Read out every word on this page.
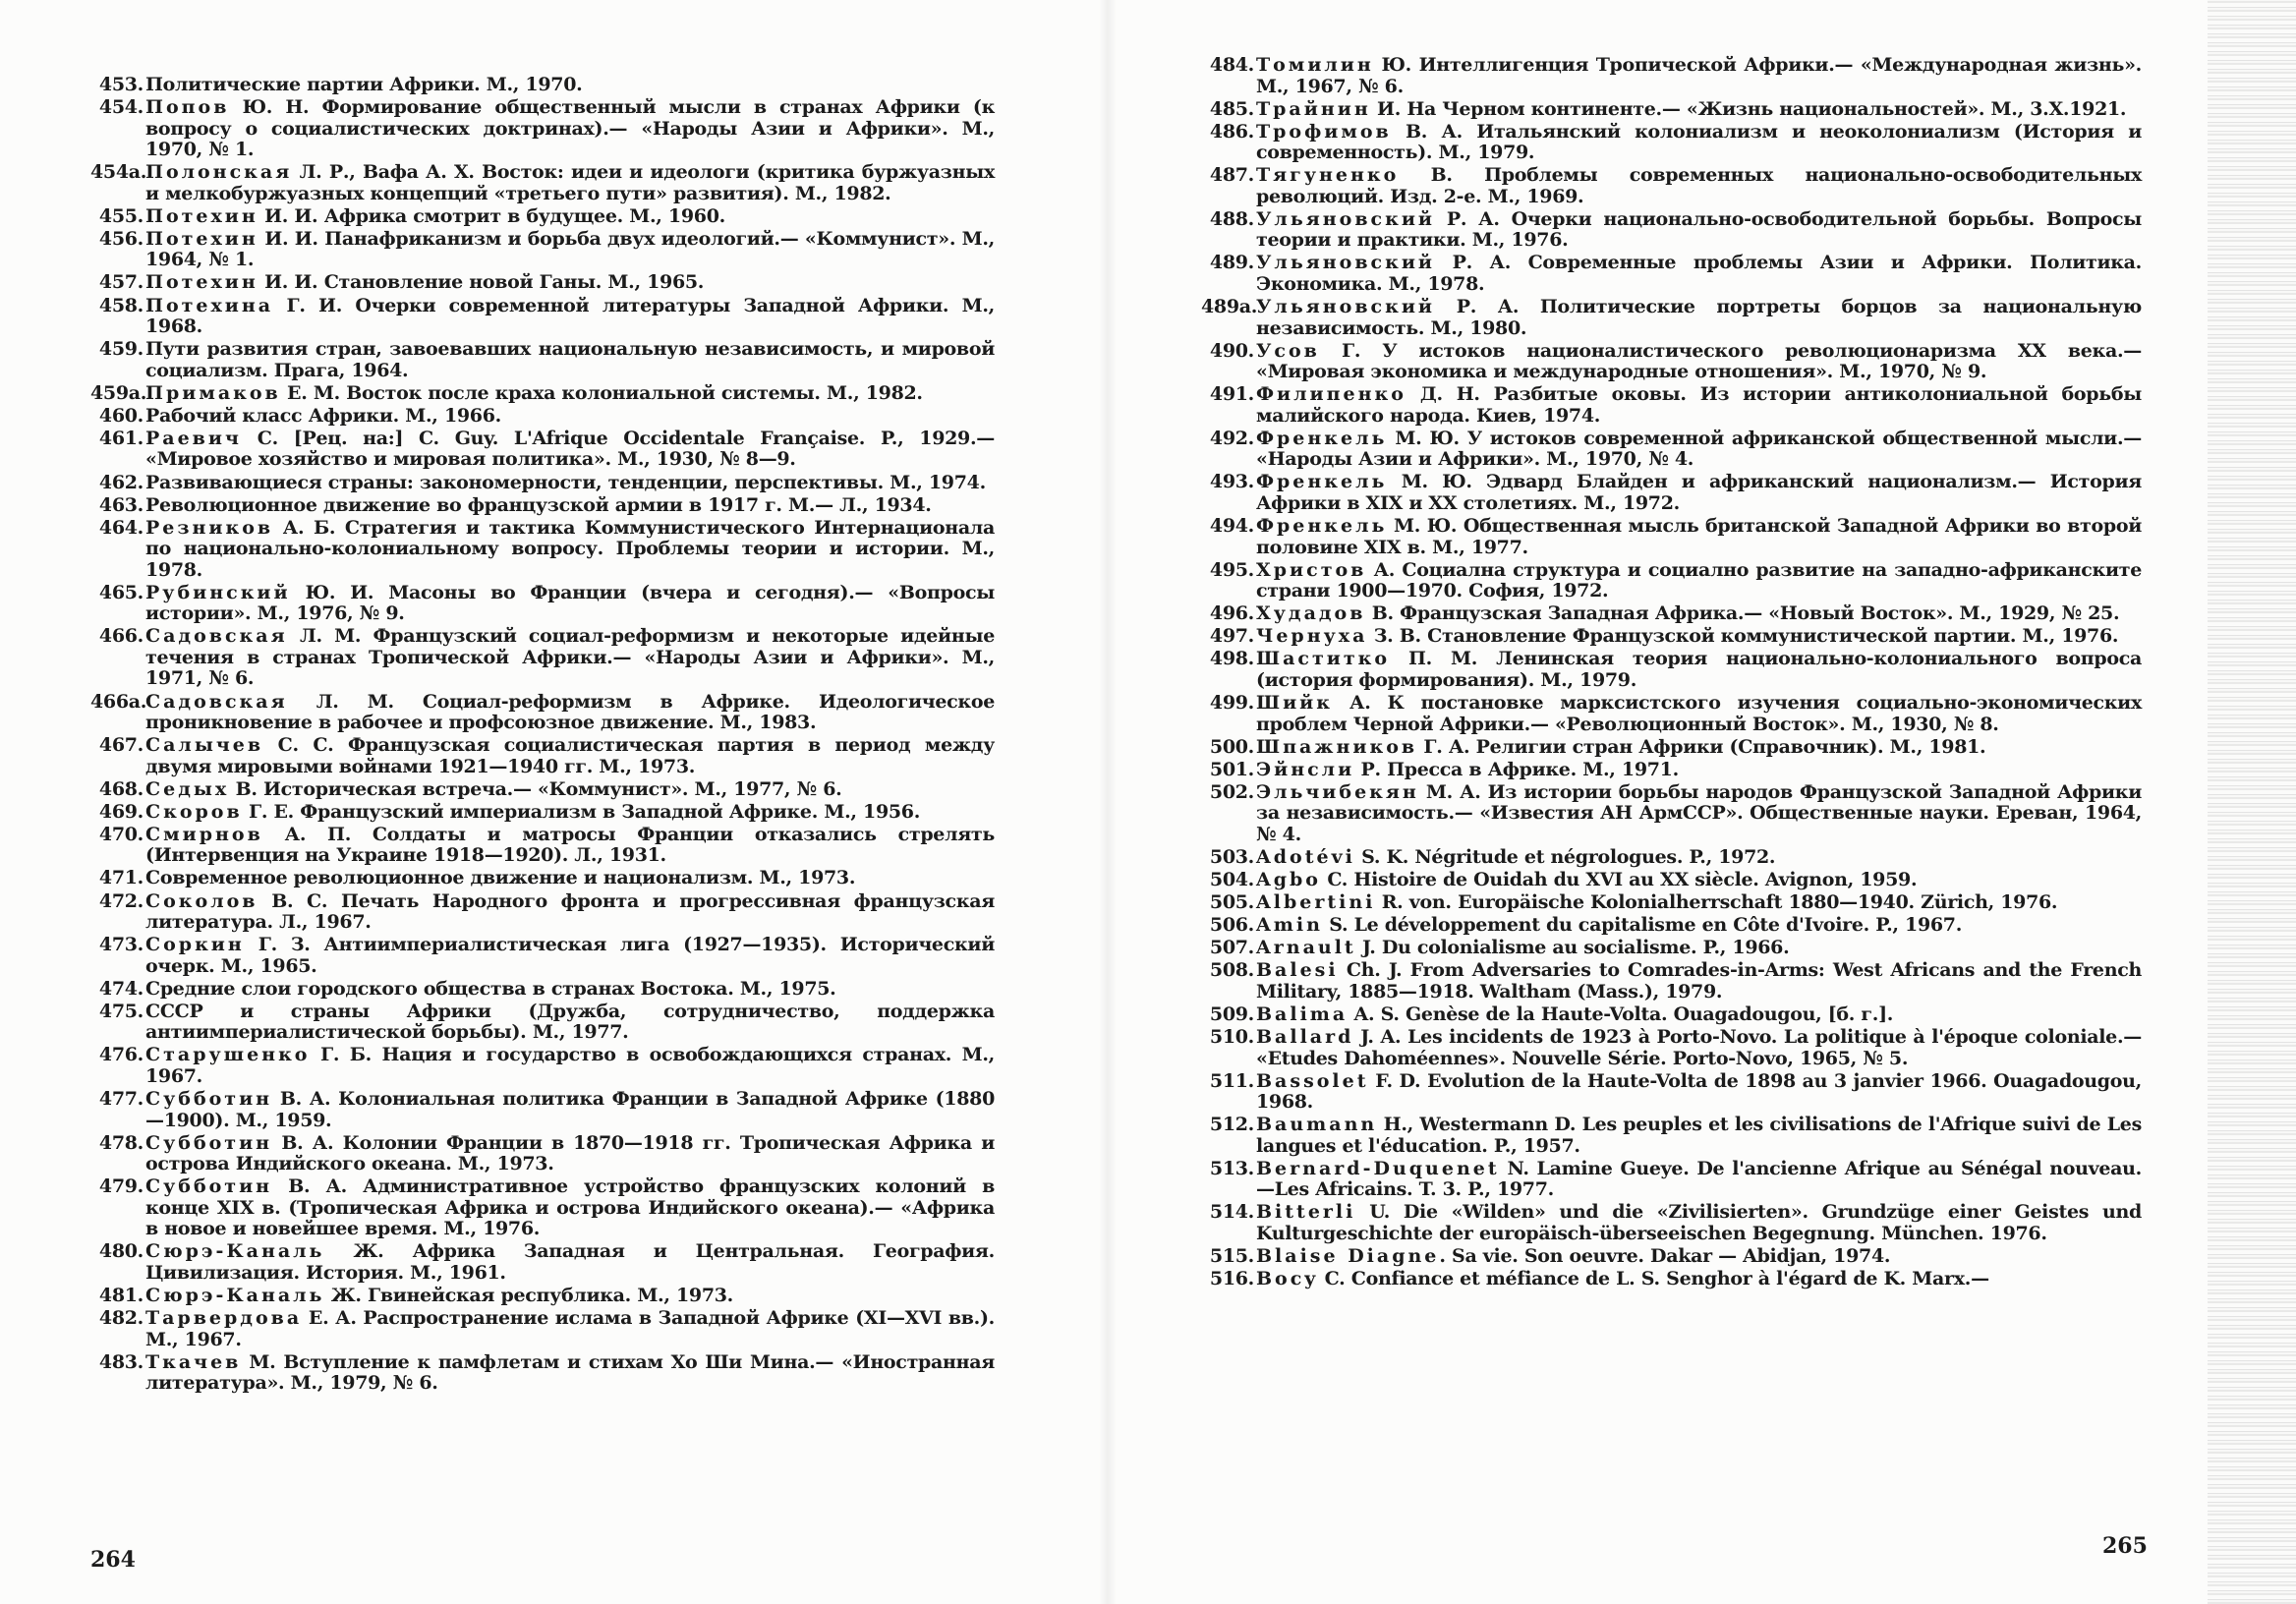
453. Политические партии Африки. М., 1970.
454. Попов Ю. Н. Формирование общественный мысли в странах Африки (к вопросу о социалистических доктринах).— «Народы Азии и Африки». М., 1970, № 1.
454а.
Полонская Л. Р., Вафа А. Х. Восток: идеи и идеологи (критика буржуазных и мелкобуржуазных концепций «третьего пути» развития). М., 1982.
455. Потехин И. И. Африка смотрит в будущее. М., 1960.
456. Потехин И. И. Панафриканизм и борьба двух идеологий.— «Коммунист». М., 1964, № 1.
457. Потехин И. И. Становление новой Ганы. М., 1965.
458. Потехина Г. И. Очерки современной литературы Западной Африки. М., 1968.
459. Пути развития стран, завоевавших национальную независимость, и мировой социализм. Прага, 1964.
459а.
Примаков Е. М. Восток после краха колониальной системы. М., 1982.
460. Рабочий класс Африки. М., 1966.
461. Раевич С. [Рец. на:] C. Guy. L'Afrique Occidentale Française. P., 1929.— «Мировое хозяйство и мировая политика». М., 1930, № 8—9.
462. Развивающиеся страны: закономерности, тенденции, перспективы. М., 1974.
463. Революционное движение во французской армии в 1917 г. М.— Л., 1934.
464. Резников А. Б. Стратегия и тактика Коммунистического Интернационала по национально-колониальному вопросу. Проблемы теории и истории. М., 1978.
465. Рубинский Ю. И. Масоны во Франции (вчера и сегодня).— «Вопросы истории». М., 1976, № 9.
466. Садовская Л. М. Французский социал-реформизм и некоторые идейные течения в странах Тропической Африки.— «Народы Азии и Африки». М., 1971, № 6.
466а.
Садовская Л. М. Социал-реформизм в Африке. Идеологическое проникновение в рабочее и профсоюзное движение. М., 1983.
467. Салычев С. С. Французская социалистическая партия в период между двумя мировыми войнами 1921—1940 гг. М., 1973.
468. Седых В. Историческая встреча.— «Коммунист». М., 1977, № 6.
469. Скоров Г. Е. Французский империализм в Западной Африке. М., 1956.
470. Смирнов А. П. Солдаты и матросы Франции отказались стрелять (Интервенция на Украине 1918—1920). Л., 1931.
471. Современное революционное движение и национализм. М., 1973.
472. Соколов В. С. Печать Народного фронта и прогрессивная французская литература. Л., 1967.
473. Соркин Г. З. Антиимпериалистическая лига (1927—1935). Исторический очерк. М., 1965.
474. Средние слои городского общества в странах Востока. М., 1975.
475. СССР и страны Африки (Дружба, сотрудничество, поддержка антиимпериалистической борьбы). М., 1977.
476. Старушенко Г. Б. Нация и государство в освобождающихся странах. М., 1967.
477. Субботин В. А. Колониальная политика Франции в Западной Африке (1880—1900). М., 1959.
478. Субботин В. А. Колонии Франции в 1870—1918 гг. Тропическая Африка и острова Индийского океана. М., 1973.
479. Субботин В. А. Административное устройство французских колоний в конце XIX в. (Тропическая Африка и острова Индийского океана).— «Африка в новое и новейшее время. М., 1976.
480. Сюрэ-Каналь Ж. Африка Западная и Центральная. География. Цивилизация. История. М., 1961.
481. Сюрэ-Каналь Ж. Гвинейская республика. М., 1973.
482. Тарвердова Е. А. Распространение ислама в Западной Африке (XI—XVI вв.). М., 1967.
483. Ткачев М. Вступление к памфлетам и стихам Хо Ши Мина.— «Иностранная литература». М., 1979, № 6.
264
484. Томилин Ю. Интеллигенция Тропической Африки.— «Международная жизнь». М., 1967, № 6.
485. Трайнин И. На Черном континенте.— «Жизнь национальностей». М., 3.X.1921.
486. Трофимов В. А. Итальянский колониализм и неоколониализм (История и современность). М., 1979.
487. Тягуненко В. Проблемы современных национально-освободительных революций. Изд. 2-е. М., 1969.
488. Ульяновский Р. А. Очерки национально-освободительной борьбы. Вопросы теории и практики. М., 1976.
489. Ульяновский Р. А. Современные проблемы Азии и Африки. Политика. Экономика. М., 1978.
489а.
Ульяновский Р. А. Политические портреты борцов за национальную независимость. М., 1980.
490. Усов Г. У истоков националистического революционаризма XX века.— «Мировая экономика и международные отношения». М., 1970, № 9.
491. Филипенко Д. Н. Разбитые оковы. Из истории антиколониальной борьбы малийского народа. Киев, 1974.
492. Френкель М. Ю. У истоков современной африканской общественной мысли.— «Народы Азии и Африки». М., 1970, № 4.
493. Френкель М. Ю. Эдвард Блайден и африканский национализм.— История Африки в XIX и XX столетиях. М., 1972.
494. Френкель М. Ю. Общественная мысль британской Западной Африки во второй половине XIX в. М., 1977.
495. Христов А. Социална структура и социално развитие на западно-африканските страни 1900—1970. София, 1972.
496. Худадов В. Французская Западная Африка.— «Новый Восток». М., 1929, № 25.
497. Чернуха З. В. Становление Французской коммунистической партии. М., 1976.
498. Шаститко П. М. Ленинская теория национально-колониального вопроса (история формирования). М., 1979.
499. Шийк А. К постановке марксистского изучения социально-экономических проблем Черной Африки.— «Революционный Восток». М., 1930, № 8.
500. Шпажников Г. А. Религии стран Африки (Справочник). М., 1981.
501. Эйнсли Р. Пресса в Африке. М., 1971.
502. Эльчибекян М. А. Из истории борьбы народов Французской Западной Африки за независимость.— «Известия АН АрмССР». Общественные науки. Ереван, 1964, № 4.
503. Adotévi S. K. Négritude et négrologues. P., 1972.
504. Agbo C. Histoire de Ouidah du XVI au XX siècle. Avignon, 1959.
505. Albertini R. von. Europäische Kolonialherrschaft 1880—1940. Zürich, 1976.
506. Amin S. Le développement du capitalisme en Côte d'Ivoire. P., 1967.
507. Arnault J. Du colonialisme au socialisme. P., 1966.
508. Balesi Ch. J. From Adversaries to Comrades-in-Arms: West Africans and the French Military, 1885—1918. Waltham (Mass.), 1979.
509. Balima A. S. Genèse de la Haute-Volta. Ouagadougou, [б. г.].
510. Ballard J. A. Les incidents de 1923 à Porto-Novo. La politique à l'époque coloniale.— «Etudes Dahoméennes». Nouvelle Série. Porto-Novo, 1965, № 5.
511. Bassolet F. D. Evolution de la Haute-Volta de 1898 au 3 janvier 1966. Ouagadougou, 1968.
512. Baumann H., Westermann D. Les peuples et les civilisations de l'Afrique suivi de Les langues et l'éducation. P., 1957.
513. Bernard-Duquenet N. Lamine Gueye. De l'ancienne Afrique au Sénégal nouveau.—Les Africains. T. 3. P., 1977.
514. Bitterli U. Die «Wilden» und die «Zivilisierten». Grundzüge einer Geistes und Kulturgeschichte der europäisch-überseeischen Begegnung. München. 1976.
515. Blaise Diagne. Sa vie. Son oeuvre. Dakar — Abidjan, 1974.
516. Bocy C. Confiance et méfiance de L. S. Senghor à l'égard de K. Marx.—
265
